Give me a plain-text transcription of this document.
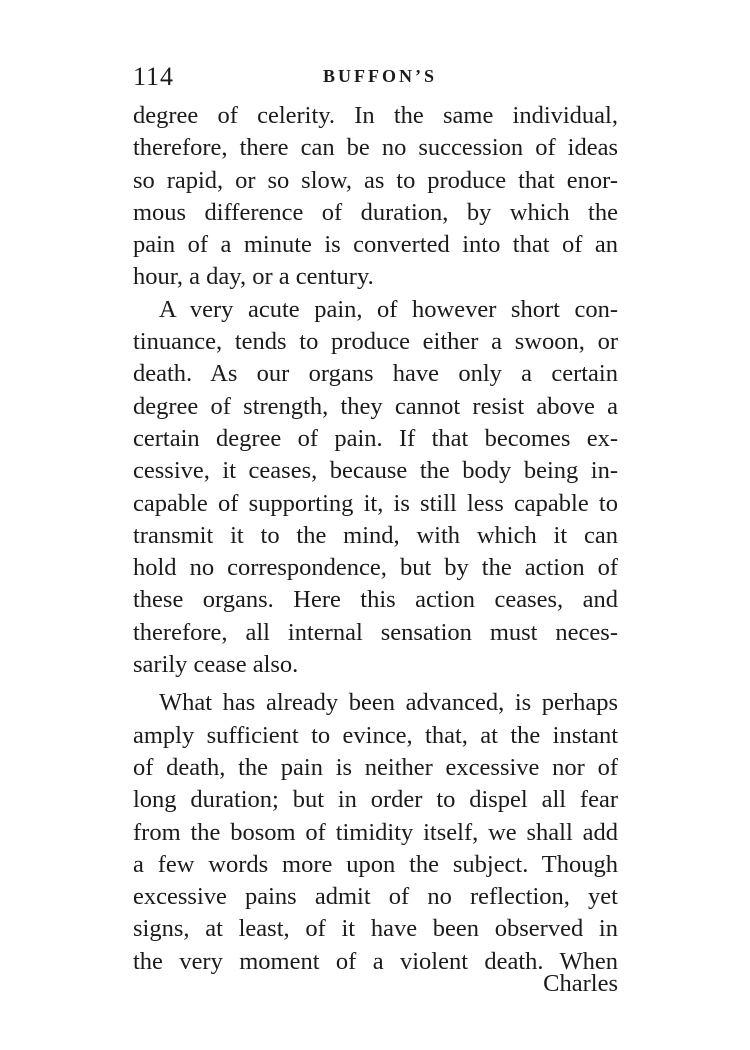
114	BUFFON’S
degree of celerity. In the same individual,
therefore, there can be no succession of ideas
so rapid, or so slow, as to produce that enor-
mous difference of duration, by which the
pain of a minute is converted into that of an
hour, a day, or a century.
A very acute pain, of however short con-
tinuance, tends to produce either a swoon, or
death. As our organs have only a certain
degree of strength, they cannot resist above a
certain degree of pain. If that becomes ex-
cessive, it ceases, because the body being in-
capable of supporting it, is still less capable to
transmit it to the mind, with which it can
hold no correspondence, but by the action of
these organs. Here this action ceases, and
therefore, all internal sensation must neces-
sarily cease also.
What has already been advanced, is perhaps
amply sufficient to evince, that, at the instant
of death, the pain is neither excessive nor of
long duration; but in order to dispel all fear
from the bosom of timidity itself, we shall add
a few words more upon the subject. Though
excessive pains admit of no reflection, yet
signs, at least, of it have been observed in
the very moment of a violent death. When
Charles
